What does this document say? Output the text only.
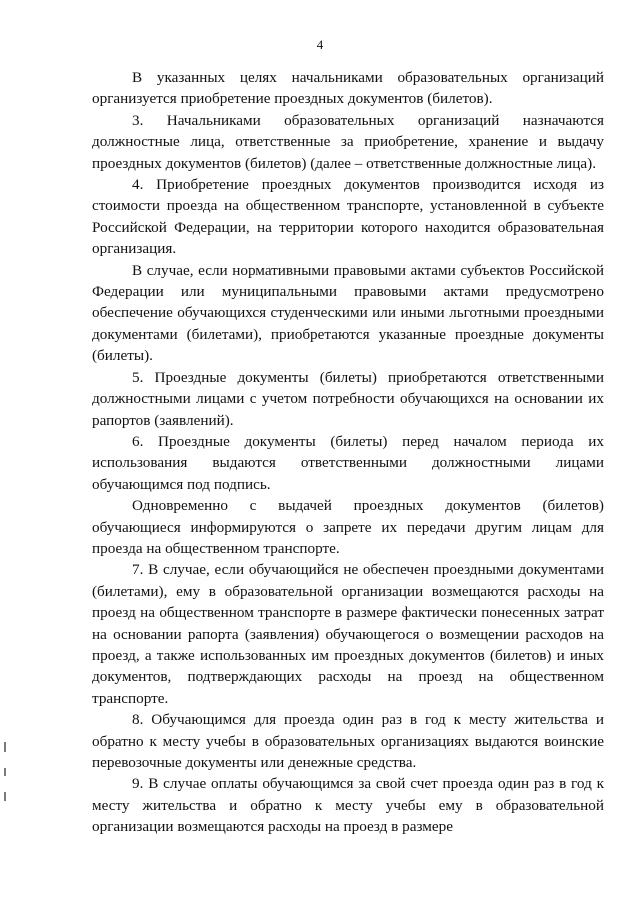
4

В указанных целях начальниками образовательных организаций организуется приобретение проездных документов (билетов).

3. Начальниками образовательных организаций назначаются должностные лица, ответственные за приобретение, хранение и выдачу проездных документов (билетов) (далее – ответственные должностные лица).

4. Приобретение проездных документов производится исходя из стоимости проезда на общественном транспорте, установленной в субъекте Российской Федерации, на территории которого находится образовательная организация.

В случае, если нормативными правовыми актами субъектов Российской Федерации или муниципальными правовыми актами предусмотрено обеспечение обучающихся студенческими или иными льготными проездными документами (билетами), приобретаются указанные проездные документы (билеты).

5. Проездные документы (билеты) приобретаются ответственными должностными лицами с учетом потребности обучающихся на основании их рапортов (заявлений).

6. Проездные документы (билеты) перед началом периода их использования выдаются ответственными должностными лицами обучающимся под подпись.

Одновременно с выдачей проездных документов (билетов) обучающиеся информируются о запрете их передачи другим лицам для проезда на общественном транспорте.

7. В случае, если обучающийся не обеспечен проездными документами (билетами), ему в образовательной организации возмещаются расходы на проезд на общественном транспорте в размере фактически понесенных затрат на основании рапорта (заявления) обучающегося о возмещении расходов на проезд, а также использованных им проездных документов (билетов) и иных документов, подтверждающих расходы на проезд на общественном транспорте.

8. Обучающимся для проезда один раз в год к месту жительства и обратно к месту учебы в образовательных организациях выдаются воинские перевозочные документы или денежные средства.

9. В случае оплаты обучающимся за свой счет проезда один раз в год к месту жительства и обратно к месту учебы ему в образовательной организации возмещаются расходы на проезд в размере
